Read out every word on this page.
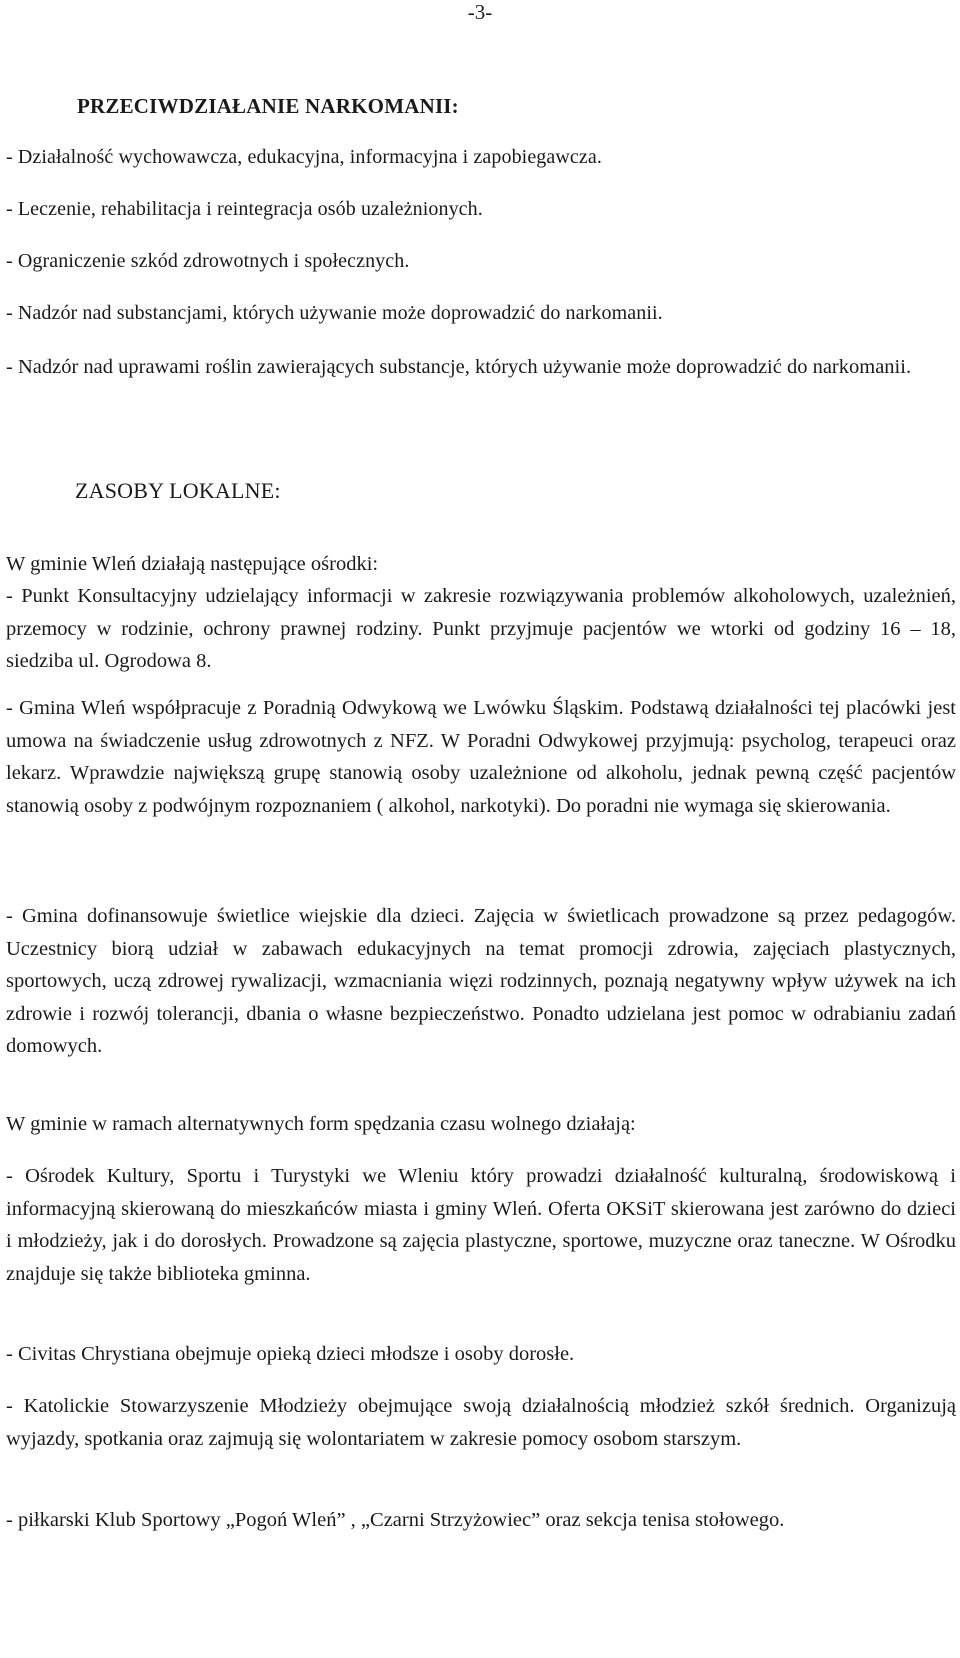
-3-
PRZECIWDZIAŁANIE NARKOMANII:
- Działalność wychowawcza, edukacyjna, informacyjna i zapobiegawcza.
- Leczenie, rehabilitacja i reintegracja osób uzależnionych.
- Ograniczenie szkód zdrowotnych i społecznych.
- Nadzór nad substancjami, których używanie może doprowadzić do narkomanii.
- Nadzór nad uprawami roślin zawierających substancje, których używanie może doprowadzić do narkomanii.
ZASOBY LOKALNE:
W gminie Wleń działają następujące ośrodki:
- Punkt Konsultacyjny udzielający informacji w zakresie rozwiązywania problemów alkoholowych, uzależnień, przemocy w rodzinie, ochrony prawnej rodziny. Punkt przyjmuje pacjentów we wtorki od godziny 16 – 18, siedziba ul. Ogrodowa 8.
- Gmina Wleń współpracuje z Poradnią Odwykową we Lwówku Śląskim. Podstawą działalności tej placówki jest umowa na świadczenie usług zdrowotnych z NFZ. W Poradni Odwykowej przyjmują: psycholog, terapeuci oraz lekarz. Wprawdzie największą grupę stanowią osoby uzależnione od alkoholu, jednak pewną część pacjentów stanowią osoby z podwójnym rozpoznaniem ( alkohol, narkotyki). Do poradni nie wymaga się skierowania.
- Gmina dofinansowuje świetlice wiejskie dla dzieci. Zajęcia w świetlicach prowadzone są przez pedagogów. Uczestnicy biorą udział w zabawach edukacyjnych na temat promocji zdrowia, zajęciach plastycznych, sportowych, uczą zdrowej rywalizacji, wzmacniania więzi rodzinnych, poznają negatywny wpływ używek na ich zdrowie i rozwój tolerancji, dbania o własne bezpieczeństwo. Ponadto udzielana jest pomoc w odrabianiu zadań domowych.
W gminie w ramach alternatywnych form spędzania czasu wolnego działają:
- Ośrodek Kultury, Sportu i Turystyki we Wleniu który prowadzi działalność kulturalną, środowiskową i informacyjną skierowaną do mieszkańców miasta i gminy Wleń. Oferta OKSiT skierowana jest zarówno do dzieci i młodzieży, jak i do dorosłych. Prowadzone są zajęcia plastyczne, sportowe, muzyczne oraz taneczne. W Ośrodku znajduje się także biblioteka gminna.
- Civitas Chrystiana obejmuje opieką dzieci młodsze i osoby dorosłe.
- Katolickie Stowarzyszenie Młodzieży obejmujące swoją działalnością młodzież szkół średnich. Organizują wyjazdy, spotkania oraz zajmują się wolontariatem w zakresie pomocy osobom starszym.
- piłkarski Klub Sportowy „Pogoń Wleń” , „Czarni Strzyżowiec” oraz sekcja tenisa stołowego.
